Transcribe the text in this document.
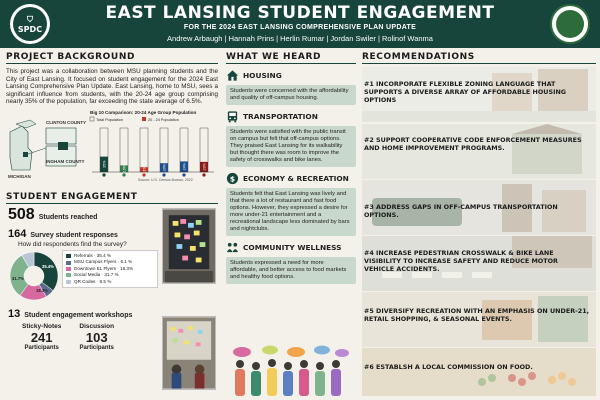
⛉
SPDC
EAST LANSING STUDENT ENGAGEMENT
FOR THE 2024 EAST LANSING COMPREHENSIVE PLAN UPDATE
Andrew Arbaugh | Hannah Prins | Herlin Rumar | Jordan Swiler | Rolinof Wanma
PROJECT BACKGROUND
This project was a collaboration between MSU planning students and the City of East Lansing. It focused on student engagement for the 2024 East Lansing Comprehensive Plan Update. East Lansing, home to MSU, sees a significant influence from students, with the 20-24 age group comprising nearly 35% of the population, far exceeding the state average of 6.5%.
CLINTON COUNTY
INGHAM COUNTY
MICHIGAN
Big 10 Comparison: 20-24 Age Group Population
Total Population	20 - 24 Population
35%
15%	11%	20%	24%	23%
Source: U.S. Census Bureau, 2022
STUDENT ENGAGEMENT
508 Students reached
164 Survey student responses
How did respondents find the survey?
35.4%
18.3%
31.7%
Referrals · 35.4 %
MSU Campus Flyers · 6.1 %
Downtown EL Flyers · 18.3%
Social Media · 31.7 %
QR Codes · 8.5 %
13 Student engagement workshops
Sticky-Notes
241
Participants
Discussion
103
Participants
WHAT WE HEARD
HOUSING
Students were concerned with the affordability and quality of off-campus housing.
TRANSPORTATION
Students were satisfied with the public transit on campus but felt that off-campus options. They praised East Lansing for its walkability but thought there was room to improve the safety of crosswalks and bike lanes.
$ ECONOMY & RECREATION
Students felt that East Lansing was lively and that there a lot of restaurant and fast food options. However, they expressed a desire for more under-21 entertainment and a recreational landscape less dominated by bars and nightclubs.
COMMUNITY WELLNESS
Students expressed a need for more affordable, and better access to food markets and healthy food options.
RECOMMENDATIONS
#1 INCORPORATE FLEXIBLE ZONING LANGUAGE THAT SUPPORTS A DIVERSE ARRAY OF AFFORDABLE HOUSING OPTIONS
#2 SUPPORT COOPERATIVE CODE ENFORCEMENT MEASURES AND HOME IMPROVEMENT PROGRAMS.
#3 ADDRESS GAPS IN OFF-CAMPUS TRANSPORTATION OPTIONS.
#4 INCREASE PEDESTRIAN CROSSWALK & BIKE LANE VISIBILITY TO INCREASE SAFETY AND REDUCE MOTOR VEHICLE ACCIDENTS.
#5 DIVERSIFY RECREATION WITH AN EMPHASIS ON UNDER-21, RETAIL SHOPPING, & SEASONAL EVENTS.
#6 ESTABLSH A LOCAL COMMISSION ON FOOD.
